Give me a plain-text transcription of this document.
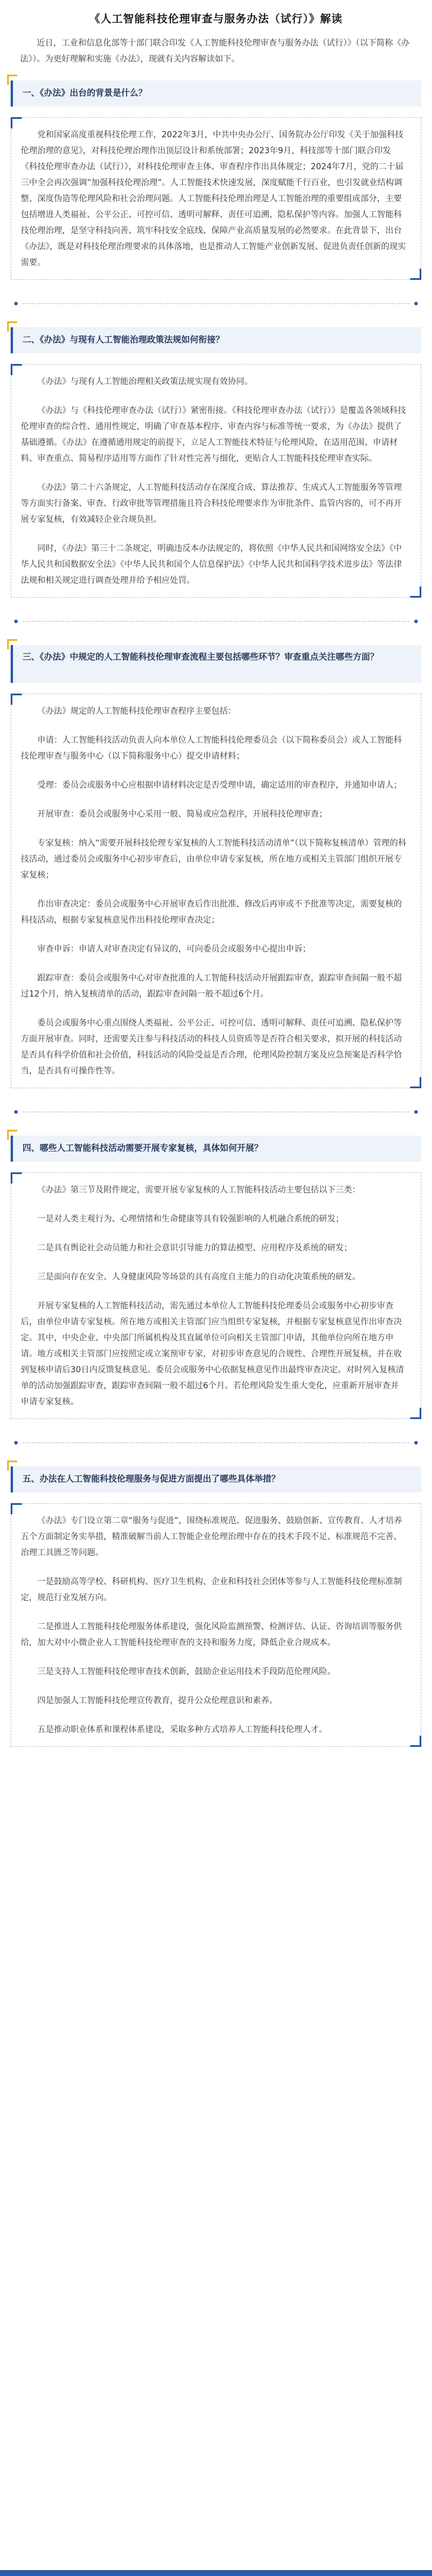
《人工智能科技伦理审查与服务办法（试行）》解读

近日，工业和信息化部等十部门联合印发《人工智能科技伦理审查与服务办法（试行）》（以下简称《办法》）。为更好理解和实施《办法》，现就有关内容解读如下。

一、《办法》出台的背景是什么？

党和国家高度重视科技伦理工作，2022年3月，中共中央办公厅、国务院办公厅印发《关于加强科技伦理治理的意见》，对科技伦理治理作出顶层设计和系统部署；2023年9月，科技部等十部门联合印发《科技伦理审查办法（试行）》，对科技伦理审查主体、审查程序作出具体规定；2024年7月，党的二十届三中全会再次强调“加强科技伦理治理”。人工智能技术快速发展，深度赋能千行百业，也引发就业结构调整、深度伪造等伦理风险和社会治理问题。人工智能科技伦理治理是人工智能治理的重要组成部分，主要包括增进人类福祉、公平公正、可控可信、透明可解释、责任可追溯、隐私保护等内容。加强人工智能科技伦理治理，是坚守科技向善、筑牢科技安全底线、保障产业高质量发展的必然要求。在此背景下，出台《办法》，既是对科技伦理治理要求的具体落地，也是推动人工智能产业创新发展、促进负责任创新的现实需要。

二、《办法》与现有人工智能治理政策法规如何衔接？

《办法》与现有人工智能治理相关政策法规实现有效协同。

《办法》与《科技伦理审查办法（试行）》紧密衔接。《科技伦理审查办法（试行）》是覆盖各领域科技伦理审查的综合性、通用性规定，明确了审查基本程序、审查内容与标准等统一要求，为《办法》提供了基础遵循。《办法》在遵循通用规定的前提下，立足人工智能技术特征与伦理风险，在适用范围、申请材料、审查重点、简易程序适用等方面作了针对性完善与细化，更贴合人工智能科技伦理审查实际。

《办法》第二十六条规定，人工智能科技活动存在深度合成、算法推荐、生成式人工智能服务等管理等方面实行备案、审查、行政审批等管理措施且符合科技伦理要求作为审批条件、监管内容的，可不再开展专家复核，有效减轻企业合规负担。

同时，《办法》第三十二条规定，明确违反本办法规定的，将依照《中华人民共和国网络安全法》《中华人民共和国数据安全法》《中华人民共和国个人信息保护法》《中华人民共和国科学技术进步法》等法律法规和相关规定进行调查处理并给予相应处罚。

三、《办法》中规定的人工智能科技伦理审查流程主要包括哪些环节？审查重点关注哪些方面？

《办法》规定的人工智能科技伦理审查程序主要包括：

申请：人工智能科技活动负责人向本单位人工智能科技伦理委员会（以下简称委员会）或人工智能科技伦理审查与服务中心（以下简称服务中心）提交申请材料；

受理：委员会或服务中心应根据申请材料决定是否受理申请，确定适用的审查程序，并通知申请人；

开展审查：委员会或服务中心采用一般、简易或应急程序，开展科技伦理审查；

专家复核：纳入“需要开展科技伦理专家复核的人工智能科技活动清单”（以下简称复核清单）管理的科技活动，通过委员会或服务中心初步审查后，由单位申请专家复核，所在地方或相关主管部门组织开展专家复核；

作出审查决定：委员会或服务中心开展审查后作出批准、修改后再审或不予批准等决定，需要复核的科技活动，根据专家复核意见作出科技伦理审查决定；

审查申诉：申请人对审查决定有异议的，可向委员会或服务中心提出申诉；

跟踪审查：委员会或服务中心对审查批准的人工智能科技活动开展跟踪审查，跟踪审查间隔一般不超过12个月，纳入复核清单的活动，跟踪审查间隔一般不超过6个月。

委员会或服务中心重点围绕人类福祉、公平公正、可控可信、透明可解释、责任可追溯、隐私保护等方面开展审查。同时，还需要关注参与科技活动的科技人员资质等是否符合相关要求，拟开展的科技活动是否具有科学价值和社会价值，科技活动的风险受益是否合理，伦理风险控制方案及应急预案是否科学恰当，是否具有可操作性等。

四、哪些人工智能科技活动需要开展专家复核，具体如何开展？

《办法》第三节及附件规定，需要开展专家复核的人工智能科技活动主要包括以下三类：

一是对人类主观行为、心理情绪和生命健康等具有较强影响的人机融合系统的研发；

二是具有舆论社会动员能力和社会意识引导能力的算法模型、应用程序及系统的研发；

三是面向存在安全、人身健康风险等场景的具有高度自主能力的自动化决策系统的研发。

开展专家复核的人工智能科技活动，需先通过本单位人工智能科技伦理委员会或服务中心初步审查后，由单位申请专家复核。所在地方或相关主管部门应当组织专家复核，并根据专家复核意见作出审查决定。其中，中央企业、中央部门所属机构及其直属单位可向相关主管部门申请，其他单位向所在地方申请。地方或相关主管部门应按照定或立案预审专家，对初步审查意见的合规性、合理性开展复核，并在收到复核申请后30日内反馈复核意见。委员会或服务中心依据复核意见作出最终审查决定。对时列入复核清单的活动加强跟踪审查，跟踪审查间隔一般不超过6个月。若伦理风险发生重大变化，应重新开展审查并申请专家复核。

五、办法在人工智能科技伦理服务与促进方面提出了哪些具体举措？

《办法》专门设立第二章“服务与促进”，围绕标准规范、促进服务、鼓励创新、宣传教育、人才培养五个方面制定务实举措，精准破解当前人工智能企业伦理治理中存在的技术手段不足、标准规范不完善、治理工具匮乏等问题。

一是鼓励高等学校、科研机构、医疗卫生机构、企业和科技社会团体等参与人工智能科技伦理标准制定，规范行业发展方向。

二是推进人工智能科技伦理服务体系建设，强化风险监测预警、检测评估、认证、咨询培训等服务供给，加大对中小微企业人工智能科技伦理审查的支持和服务力度，降低企业合规成本。

三是支持人工智能科技伦理审查技术创新，鼓励企业运用技术手段防范伦理风险。

四是加强人工智能科技伦理宣传教育，提升公众伦理意识和素养。

五是推动职业体系和课程体系建设，采取多种方式培养人工智能科技伦理人才。
